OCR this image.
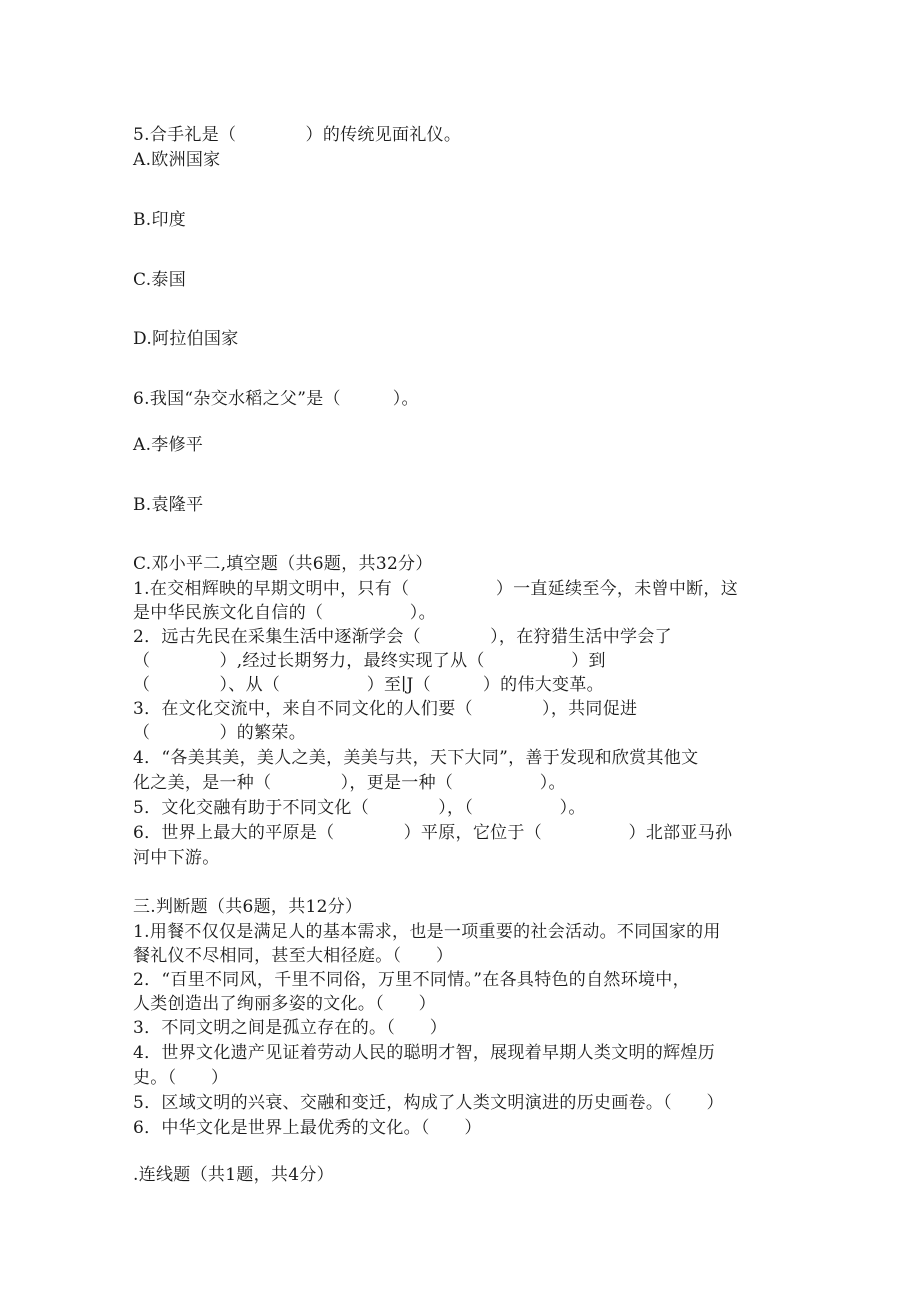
5.合手礼是（　　　　）的传统见面礼仪。
A.欧洲国家
B.印度
C.泰国
D.阿拉伯国家
6.我国“杂交水稻之父”是（　　　）。
A.李修平
B.袁隆平
C.邓小平二,填空题（共6题，共32分）
1.在交相辉映的早期文明中，只有（　　　　　）一直延续至今，未曾中断，这
是中华民族文化自信的（　　　　　）。
2．远古先民在采集生活中逐渐学会（　　　　），在狩猎生活中学会了
（　　　　）,经过长期努力，最终实现了从（　　　　　）到
（　　　　）、从（　　　　　）至∣J（　　　）的伟大变革。
3．在文化交流中，来自不同文化的人们要（　　　　），共同促进
（　　　　）的繁荣。
4．“各美其美，美人之美，美美与共，天下大同”，善于发现和欣赏其他文
化之美，是一种（　　　　），更是一种（　　　　　）。
5．文化交融有助于不同文化（　　　　），（　　　　　）。
6．世界上最大的平原是（　　　　）平原，它位于（　　　　　）北部亚马孙
河中下游。
三.判断题（共6题，共12分）
1.用餐不仅仅是满足人的基本需求，也是一项重要的社会活动。不同国家的用
餐礼仪不尽相同，甚至大相径庭。（　　）
2．“百里不同风，千里不同俗，万里不同情。”在各具特色的自然环境中，
人类创造出了绚丽多姿的文化。（　　）
3．不同文明之间是孤立存在的。（　　）
4．世界文化遗产见证着劳动人民的聪明才智，展现着早期人类文明的辉煌历
史。（　　）
5．区域文明的兴衰、交融和变迁，构成了人类文明演进的历史画卷。（　　）
6．中华文化是世界上最优秀的文化。（　　）
.连线题（共1题，共4分）
